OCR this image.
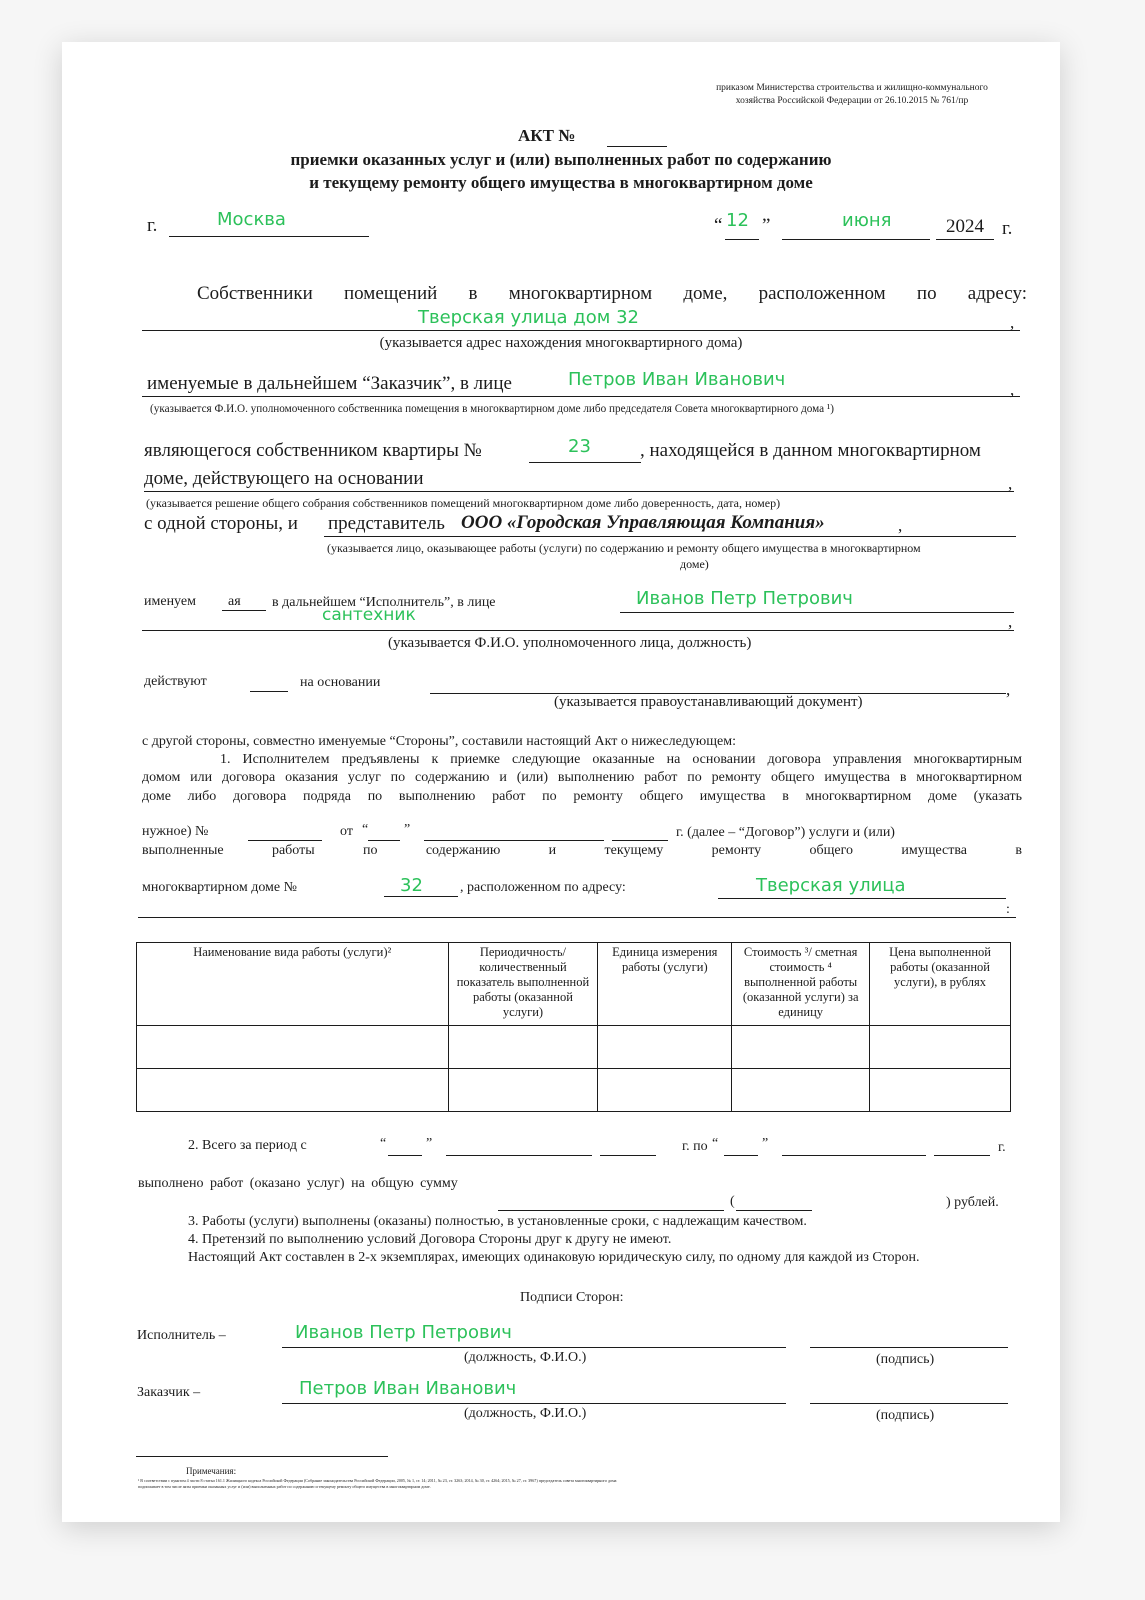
приказом Министерства строительства и жилищно-коммунального
хозяйства Российской Федерации от 26.10.2015 № 761/пр
АКТ №
приемки оказанных услуг и (или) выполненных работ по содержанию
и текущему ремонту общего имущества в многоквартирном доме
г.	Москва	“ 12 ”	июня	2024 г.
Собственники помещений в многоквартирном доме, расположенном по адресу:
Тверская улица дом 32	,
(указывается адрес нахождения многоквартирного дома)
именуемые в дальнейшем “Заказчик”, в лице	Петров Иван Иванович	,
(указывается Ф.И.О. уполномоченного собственника помещения в многоквартирном доме либо председателя Совета многоквартирного дома ¹)
являющегося собственником квартиры №	23	, находящейся в данном многоквартирном
доме, действующего на основании	,
(указывается решение общего собрания собственников помещений многоквартирном доме либо доверенность, дата, номер)
с одной стороны, и представитель ООО «Городская Управляющая Компания»	,
(указывается лицо, оказывающее работы (услуги) по содержанию и ремонту общего имущества в многоквартирном
доме)
именуем ая в дальнейшем “Исполнитель”, в лице	Иванов Петр Петрович
сантехник	,
(указывается Ф.И.О. уполномоченного лица, должность)
действуют	на основании	,
(указывается правоустанавливающий документ)
с другой стороны, совместно именуемые “Стороны”, составили настоящий Акт о нижеследующем:
1. Исполнителем предъявлены к приемке следующие оказанные на основании договора управления многоквартирным
домом или договора оказания услуг по содержанию и (или) выполнению работ по ремонту общего имущества в многоквартирном
доме либо договора подряда по выполнению работ по ремонту общего имущества в многоквартирном доме (указать
нужное) №	от “	”	г. (далее – “Договор”) услуги и (или)
выполненные	работы	по	содержанию	и	текущему	ремонту	общего	имущества	в
многоквартирном доме №	32	, расположенном по адресу:	Тверская улица
:
Наименование вида работы (услуги)²	Периодичность/ количественный показатель выполненной работы (оказанной услуги)	Единица измерения работы (услуги)	Стоимость ³/ сметная стоимость ⁴ выполненной работы (оказанной услуги) за единицу	Цена выполненной работы (оказанной услуги), в рублях

2. Всего за период с	“	”	г. по “	”	г.
выполнено работ (оказано услуг) на общую сумму
(	) рублей.
3. Работы (услуги) выполнены (оказаны) полностью, в установленные сроки, с надлежащим качеством.
4. Претензий по выполнению условий Договора Стороны друг к другу не имеют.
Настоящий Акт составлен в 2-х экземплярах, имеющих одинаковую юридическую силу, по одному для каждой из Сторон.
Подписи Сторон:
Исполнитель –	Иванов Петр Петрович
(должность, Ф.И.О.)	(подпись)
Заказчик –	Петров Иван Иванович
(должность, Ф.И.О.)	(подпись)
Примечания:
¹ В соответствии с пунктом 4 части 8 статьи 161.1 Жилищного кодекса Российской Федерации (Собрание законодательства Российской Федерации, 2005, № 1, ст. 14; 2011, № 23, ст. 3263; 2014, № 30, ст. 4264; 2015, № 27, ст. 3967) председатель совета многоквартирного дома
подписывает в том числе акты приемки оказанных услуг и (или) выполненных работ по содержанию и текущему ремонту общего имущества в многоквартирном доме.
